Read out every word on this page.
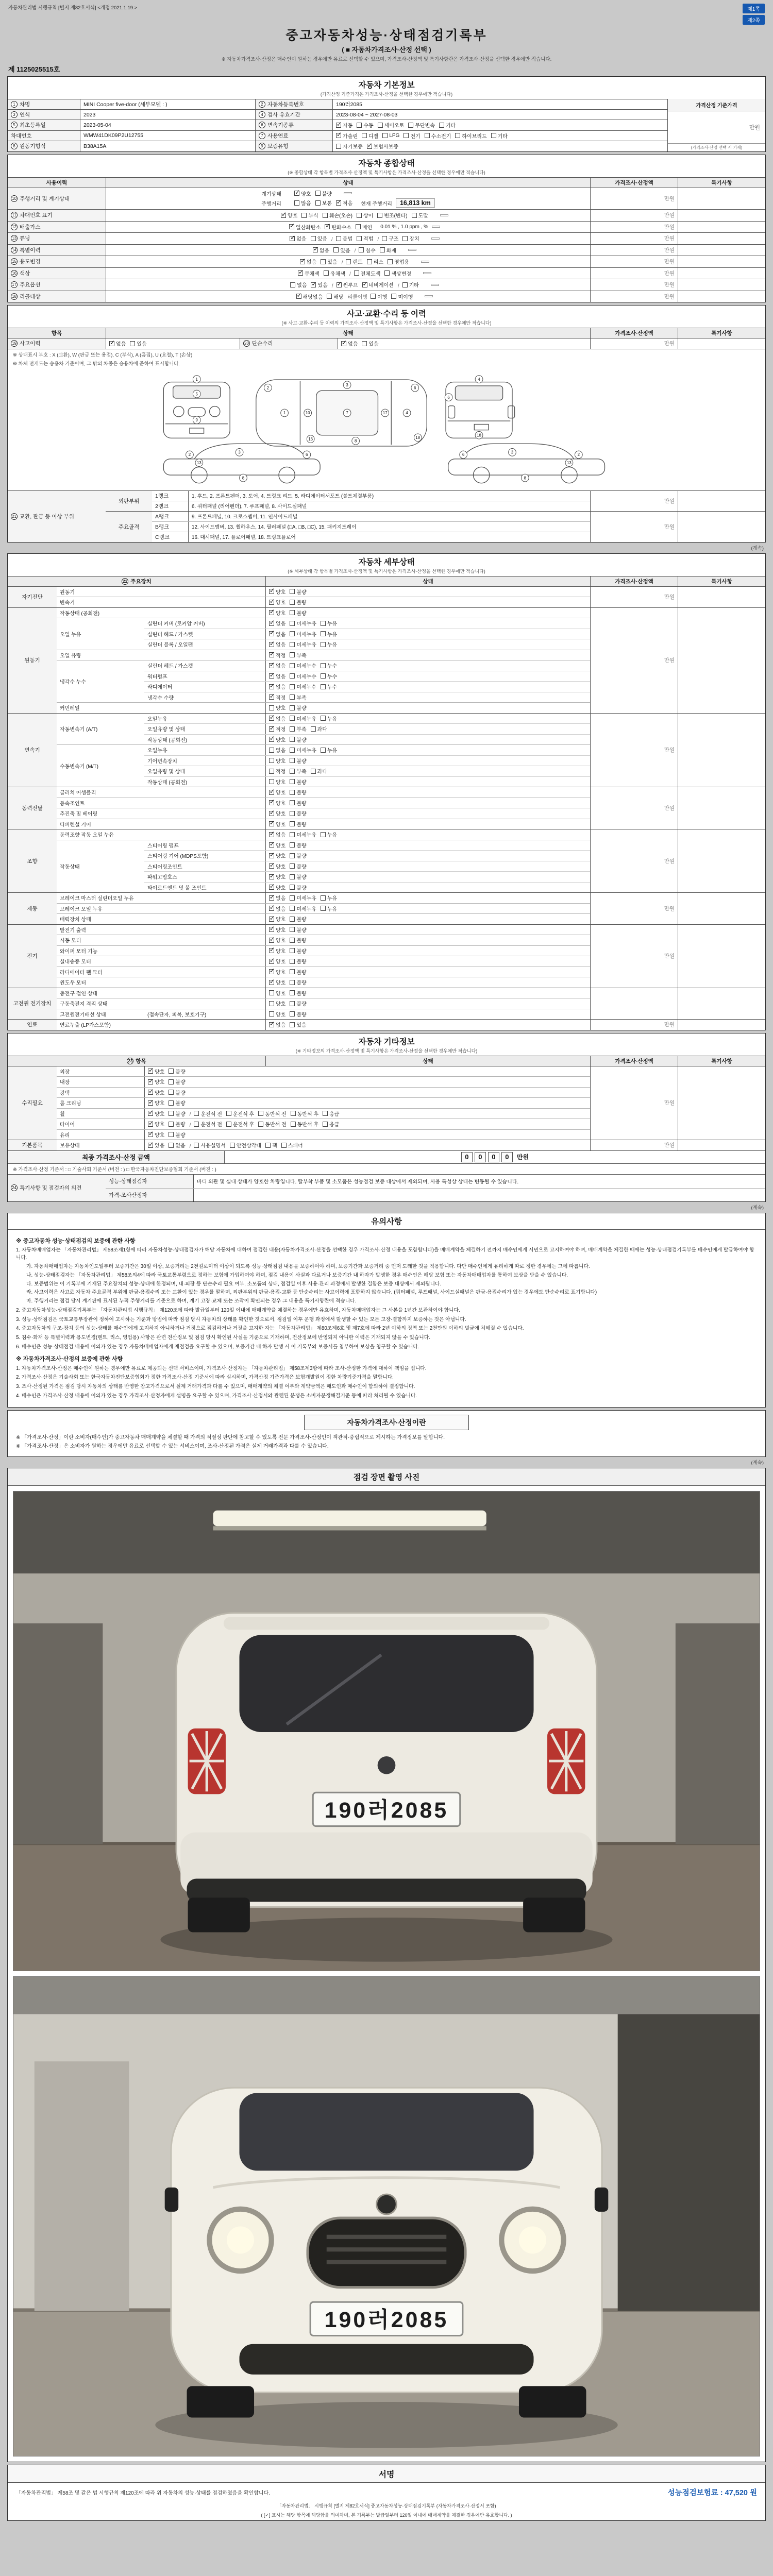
자동차관리법 시행규칙 [별지 제82호서식] <개정 2021.1.19.>	제1쪽
제2쪽
중고자동차성능·상태점검기록부
( ■ 자동차가격조사·산정 선택 )
※ 자동차가격조사·산정은 매수인이 원하는 경우에만 유료로 선택할 수 있으며, 가격조사·산정액 및 특기사항란은 가격조사·산정을 선택한 경우에만 적습니다.
제 1125025515호
자동차 기본정보
(가격산정 기준가격은 가격조사·산정을 선택한 경우에만 적습니다)
1 차명	MINI Cooper five-door (세부모델 : )	2 자동차등록번호	190러2085
3 연식	2023	4 검사 유효기간	2023-08-04 ~ 2027-08-03
5 최초등록일	2023-05-04	6 변속기종류 ✓	자동 수동 세미오토 무단변속 기타
차대번호	WMW41DK09P2U12755	7 사용연료 ✓	가솔린 디젤 LPG 전기 수소전기 하이브리드 기타
8 원동기형식	B38A15A	9 보증유형	자기보증 ✓ 보험사보증
가격산정 기준가격
만원
(가격조사·산정 선택 시 기재)
자동차 종합상태
(※ 종합상태 각 항목별 가격조사·산정액 및 특기사항은 가격조사·산정을 선택한 경우에만 적습니다)
사용이력	상태	가격조사·산정액	특기사항
10 주행거리 및 계기상태
계기상태 ✓	양호 불량
주행거리	많음 보통 ✓ 적음 현재 주행거리	16,813 km
만원
11 차대번호 표기 ✓	양호 부식 훼손(오손) 상이 변조(변타) 도말	만원
12 배출가스 ✓	일산화탄소 ✓ 탄화수소 매연 0.01 % , 1.0 ppm , %	만원
13 튜닝 ✓	없음 있음 / 불법 적법 / 구조 장치	만원
14 특별이력 ✓	없음 있음 / 침수 화재	만원
15 용도변경 ✓	없음 있음 / 렌트 리스 영업용	만원
16 색상 ✓	무채색 유채색 / 전체도색 색상변경	만원
17 주요옵션	없음 ✓ 있음 / ✓ 썬루프 ✓ 네비게이션 / 기타	만원
18 리콜대상 ✓	해당없음 해당 리콜이행 이행 미이행	만원
사고·교환·수리 등 이력
(※ 사고·교환·수리 등 이력의 가격조사·산정액 및 특기사항은 가격조사·산정을 선택한 경우에만 적습니다)
항목	상태	가격조사·산정액	특기사항
19 사고이력 ✓	없음 있음	20 단순수리 ✓	없음 있음	만원
※ 상태표시 부호 : X (교환), W (판금 또는 용접), C (부식), A (흠집), U (요철), T (손상)
※ 차체 전개도는 승용차 기준이며, 그 밖의 차종은 승용차에 준하여 표시합니다.
1
5
9
2
1	10	7
3
8
17	4
6
16	18
4
6
18
2
3
6
8
13
2
3
6
8
13
21 교환, 판금 등 이상 부위
외판부위
1랭크	1. 후드, 2. 프론트펜더, 3. 도어, 4. 트렁크 리드, 5. 라디에이터서포트 (볼트체결부품)
2랭크	6. 쿼터패널 (리어펜더), 7. 루프패널, 8. 사이드실패널
만원
주요골격
A랭크	9. 프론트패널, 10. 크로스멤버, 11. 인사이드패널
B랭크	12. 사이드멤버, 13. 휠하우스, 14. 필러패널 (□A, □B, □C), 15. 패키지트레이
C랭크	16. 대시패널, 17. 플로어패널, 18. 트렁크플로어
만원
(계속)
자동차 세부상태
(※ 세부상태 각 항목별 가격조사·산정액 및 특기사항은 가격조사·산정을 선택한 경우에만 적습니다)
22 주요장치	상태	가격조사·산정액	특기사항
자기진단
원동기 ✓	양호 불량
변속기 ✓	양호 불량
만원
원동기
작동상태 (공회전) ✓	양호 불량
오일 누유
실린더 커버 (로커암 커버) ✓	없음 미세누유 누유
실린더 헤드 / 가스켓 ✓	없음 미세누유 누유
실린더 블록 / 오일팬 ✓	없음 미세누유 누유
오일 유량 ✓	적정 부족
냉각수 누수
실린더 헤드 / 가스켓 ✓	없음 미세누수 누수
워터펌프 ✓	없음 미세누수 누수
라디에이터 ✓	없음 미세누수 누수
냉각수 수량 ✓	적정 부족
커먼레일	양호 불량
만원
변속기
자동변속기 (A/T)
오일누유 ✓	없음 미세누유 누유
오일유량 및 상태 ✓	적정 부족 과다
작동상태 (공회전) ✓	양호 불량
수동변속기 (M/T)
오일누유	없음 미세누유 누유
기어변속장치	양호 불량
오일유량 및 상태	적정 부족 과다
작동상태 (공회전)	양호 불량
만원
동력전달
클러치 어셈블리 ✓	양호 불량
등속조인트 ✓	양호 불량
추진축 및 베어링 ✓	양호 불량
디퍼렌셜 기어 ✓	양호 불량
만원
조향
동력조향 작동 오일 누유 ✓	없음 미세누유 누유
작동상태
스티어링 펌프 ✓	양호 불량
스티어링 기어 (MDPS포함) ✓	양호 불량
스티어링조인트 ✓	양호 불량
파워고압호스 ✓	양호 불량
타이로드엔드 및 볼 조인트 ✓	양호 불량
만원
제동
브레이크 마스터 실린더오일 누유 ✓	없음 미세누유 누유
브레이크 오일 누유 ✓	없음 미세누유 누유
배력장치 상태 ✓	양호 불량
만원
전기
발전기 출력 ✓	양호 불량
시동 모터 ✓	양호 불량
와이퍼 모터 기능 ✓	양호 불량
실내송풍 모터 ✓	양호 불량
라디에이터 팬 모터 ✓	양호 불량
윈도우 모터 ✓	양호 불량
만원
고전원 전기장치
충전구 절연 상태	양호 불량
구동축전지 격리 상태	양호 불량
고전원전기배선 상태	(접속단자, 피복, 보호기구)	양호 불량
연료	연료누출 (LP가스포함) ✓	없음 있음	만원
자동차 기타정보
(※ 기타정보의 가격조사·산정액 및 특기사항은 가격조사·산정을 선택한 경우에만 적습니다)
23 항목	상태	가격조사·산정액	특기사항
수리필요
외장 ✓	양호 불량
내장 ✓	양호 불량
광택 ✓	양호 불량
룸 크리닝 ✓	양호 불량
휠 ✓	양호 불량 / 운전석 전 운전석 후 동반석 전 동반석 후 응급
타이어 ✓	양호 불량 / 운전석 전 운전석 후 동반석 전 동반석 후 응급
유리 ✓	양호 불량
만원
기본품목	보유상태 ✓	있음 없음 / 사용설명서 안전삼각대 잭 스패너	만원
최종 가격조사·산정 금액	0 0 0 0	만원
※ 가격조사·산정 기준서 : □ 기술사회 기준서 (버전 : ) □ 한국자동차진단보증협회 기준서 (버전 : )
24 특기사항 및 점검자의 의견
성능·상태점검자	바디 외관 및 실내 상태가 양호한 차량입니다. 탈부착 부품 및 소모품은 성능점검 보증 대상에서 제외되며, 사용 특성상 상태는 변동될 수 있습니다.
가격·조사산정자
(계속)
유의사항
※ 중고자동차 성능·상태점검의 보증에 관한 사항
1. 자동차매매업자는 「자동차관리법」 제58조제1항에 따라 자동차성능·상태점검자가 해당 자동차에 대하여 점검한 내용(자동차가격조사·산정을 선택한 경우 가격조사·산정 내용을 포함합니다)을 매매계약을 체결하기 전까지 매수인에게 서면으로 고지하여야 하며, 매매계약을 체결한 때에는 성능·상태점검기록부를 매수인에게 발급하여야 합니다.
가. 자동차매매업자는 자동차인도일부터 보증기간은 30일 이상, 보증거리는 2천킬로미터 이상이 되도록 성능·상태점검 내용을 보증하여야 하며, 보증기간과 보증거리 중 먼저 도래한 것을 적용합니다. 다만 매수인에게 유리하게 따로 정한 경우에는 그에 따릅니다.
나. 성능·상태점검자는 「자동차관리법」 제58조의4에 따라 국토교통부령으로 정하는 보험에 가입하여야 하며, 점검 내용이 사실과 다르거나 보증기간 내 하자가 발생한 경우 매수인은 해당 보험 또는 자동차매매업자를 통하여 보상을 받을 수 있습니다.
다. 보증범위는 이 기록부에 기재된 주요장치의 성능·상태에 한정되며, 내·외장 등 단순수리 필요 여부, 소모품의 상태, 점검일 이후 사용·관리 과정에서 발생한 결함은 보증 대상에서 제외됩니다.
라. 사고이력은 사고로 자동차 주요골격 부위에 판금·용접수리 또는 교환이 있는 경우를 말하며, 외판부위의 판금·용접·교환 등 단순수리는 사고이력에 포함하지 않습니다. (쿼터패널, 루프패널, 사이드실패널은 판금·용접수리가 있는 경우에도 단순수리로 표기합니다)
마. 주행거리는 점검 당시 계기판에 표시된 누적 주행거리를 기준으로 하며, 계기 고장·교체 또는 조작이 확인되는 경우 그 내용을 특기사항란에 적습니다.
2. 중고자동차성능·상태점검기록부는 「자동차관리법 시행규칙」 제120조에 따라 발급일부터 120일 이내에 매매계약을 체결하는 경우에만 유효하며, 자동차매매업자는 그 사본을 1년간 보관하여야 합니다.
3. 성능·상태점검은 국토교통부장관이 정하여 고시하는 기준과 방법에 따라 점검 당시 자동차의 상태를 확인한 것으로서, 점검일 이후 운행 과정에서 발생할 수 있는 모든 고장·결함까지 보증하는 것은 아닙니다.
4. 중고자동차의 구조·장치 등의 성능·상태를 매수인에게 고지하지 아니하거나 거짓으로 점검하거나 거짓을 고지한 자는 「자동차관리법」 제80조제6호 및 제7호에 따라 2년 이하의 징역 또는 2천만원 이하의 벌금에 처해질 수 있습니다.
5. 침수·화재 등 특별이력과 용도변경(렌트, 리스, 영업용) 사항은 관련 전산정보 및 점검 당시 확인된 사실을 기준으로 기재하며, 전산정보에 반영되지 아니한 이력은 기재되지 않을 수 있습니다.
6. 매수인은 성능·상태점검 내용에 이의가 있는 경우 자동차매매업자에게 재점검을 요구할 수 있으며, 보증기간 내 하자 발생 시 이 기록부와 보증서를 첨부하여 보상을 청구할 수 있습니다.
※ 자동차가격조사·산정의 보증에 관한 사항
1. 자동차가격조사·산정은 매수인이 원하는 경우에만 유료로 제공되는 선택 서비스이며, 가격조사·산정자는 「자동차관리법」 제58조제3항에 따라 조사·산정한 가격에 대하여 책임을 집니다.
2. 가격조사·산정은 기술사회 또는 한국자동차진단보증협회가 정한 가격조사·산정 기준서에 따라 실시하며, 가격산정 기준가격은 보험개발원이 정한 차량기준가격을 말합니다.
3. 조사·산정된 가격은 점검 당시 자동차의 상태를 반영한 참고가격으로서 실제 거래가격과 다를 수 있으며, 매매계약의 체결 여부와 계약금액은 매도인과 매수인이 합의하여 결정합니다.
4. 매수인은 가격조사·산정 내용에 이의가 있는 경우 가격조사·산정자에게 설명을 요구할 수 있으며, 가격조사·산정서와 관련된 분쟁은 소비자분쟁해결기준 등에 따라 처리될 수 있습니다.
자동차가격조사·산정이란
※ 「가격조사·산정」이란 소비자(매수인)가 중고자동차 매매계약을 체결할 때 가격의 적절성 판단에 참고할 수 있도록 전문 가격조사·산정인이 객관적·중립적으로 제시하는 가격정보를 말합니다.
※ 「가격조사·산정」은 소비자가 원하는 경우에만 유료로 선택할 수 있는 서비스이며, 조사·산정된 가격은 실제 거래가격과 다를 수 있습니다.
(계속)
점검 장면 촬영 사진
190러2085
190러2085
서명
「자동차관리법」 제58조 및 같은 법 시행규칙 제120조에 따라 위 자동차의 성능·상태를 점검하였음을 확인합니다.	성능점검보험료 : 47,520 원
「자동차관리법」 시행규칙 [별지 제82호서식] 중고자동차성능·상태점검기록부 (자동차가격조사·산정서 포함)
( [✓] 표시는 해당 항목에 해당함을 의미하며, 본 기록부는 발급일부터 120일 이내에 매매계약을 체결한 경우에만 유효합니다. )
